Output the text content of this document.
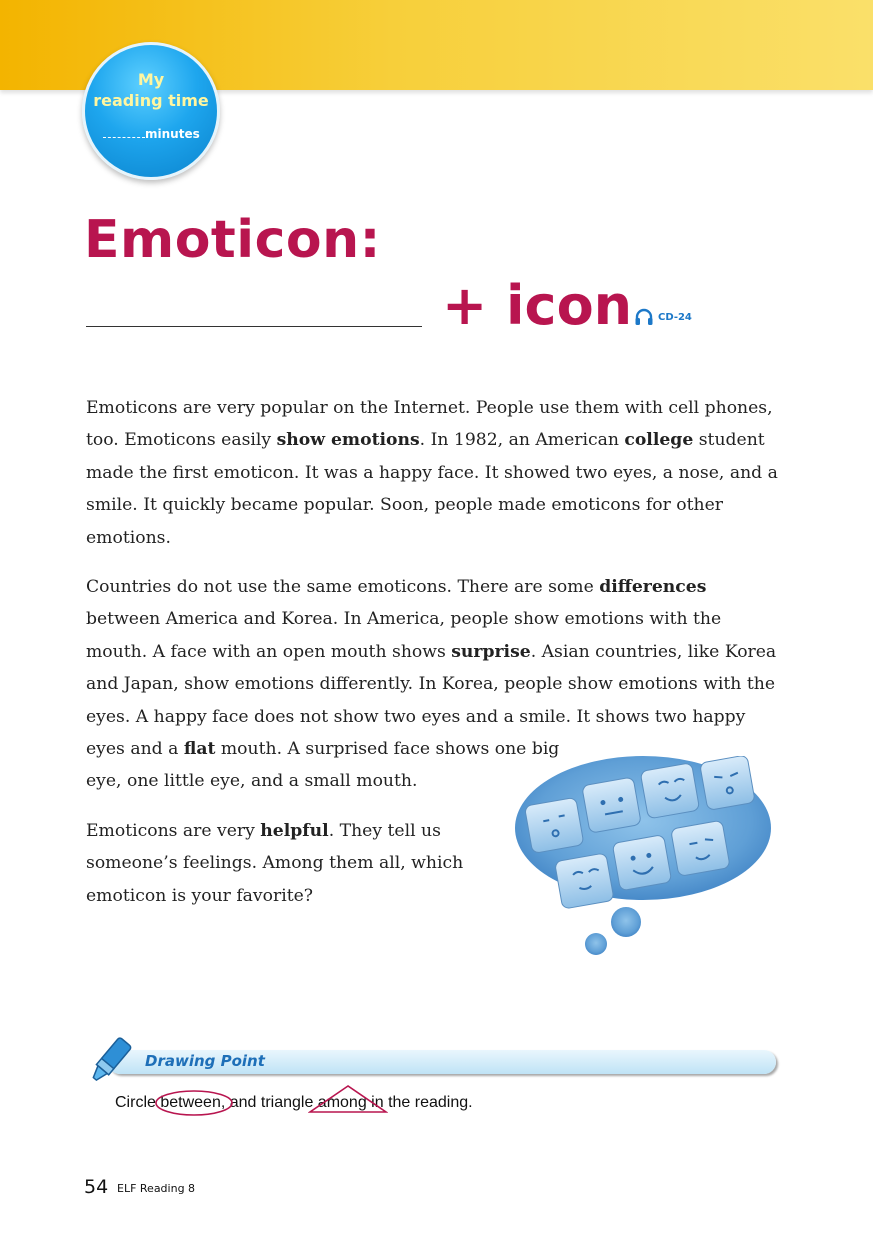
My
reading time
minutes
Emoticon:
+ icon	CD-24

Emoticons are very popular on the Internet. People use them with cell phones, too. Emoticons easily show emotions. In 1982, an American college student made the first emoticon. It was a happy face. It showed two eyes, a nose, and a smile. It quickly became popular. Soon, people made emoticons for other emotions.

Countries do not use the same emoticons. There are some differences between America and Korea. In America, people show emotions with the mouth. A face with an open mouth shows surprise. Asian countries, like Korea and Japan, show emotions differently. In Korea, people show emotions with the eyes. A happy face does not show two eyes and a smile. It shows two happy eyes and a flat mouth. A surprised face shows one big
eye, one little eye, and a small mouth.

Emoticons are very helpful. They tell us
someone’s feelings. Among them all, which
emoticon is your favorite?

Drawing Point
Circle between
, and triangle among
in the reading.
54 ELF Reading 8
